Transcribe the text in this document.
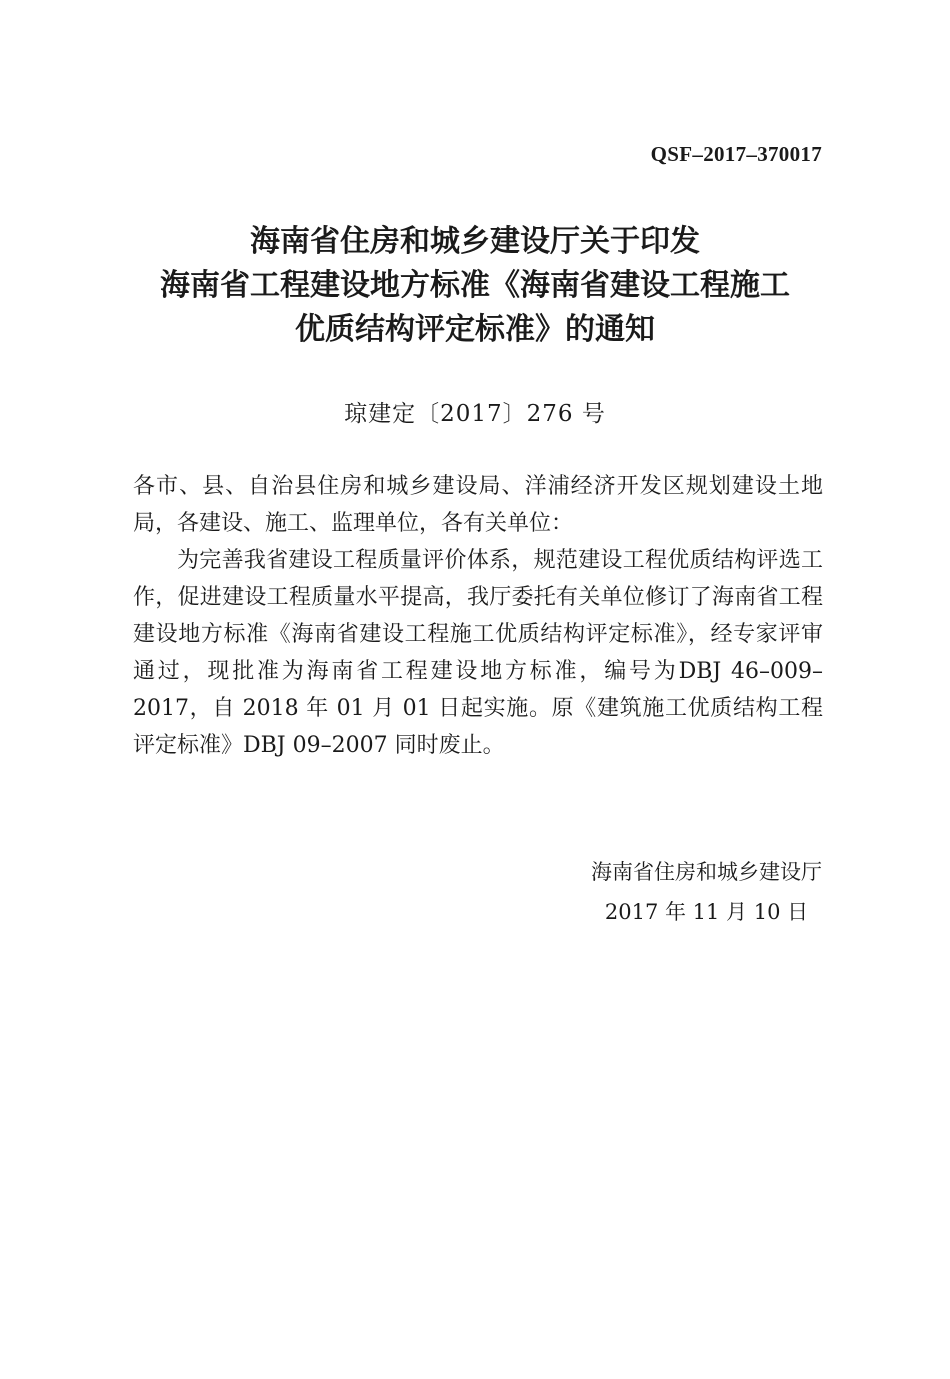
QSF–2017–370017
海南省住房和城乡建设厅关于印发
海南省工程建设地方标准《海南省建设工程施工
优质结构评定标准》的通知
琼建定〔2017〕276 号

各市、县、自治县住房和城乡建设局、洋浦经济开发区规划建设土地局，各建设、施工、监理单位，各有关单位：

为完善我省建设工程质量评价体系，规范建设工程优质结构评选工作，促进建设工程质量水平提高，我厅委托有关单位修订了海南省工程建设地方标准《海南省建设工程施工优质结构评定标准》，经专家评审通过，现批准为海南省工程建设地方标准，编号为DBJ 46–009–2017，自 2018 年 01 月 01 日起实施。原《建筑施工优质结构工程评定标准》DBJ 09–2007 同时废止。

海南省住房和城乡建设厅
2017 年 11 月 10 日
